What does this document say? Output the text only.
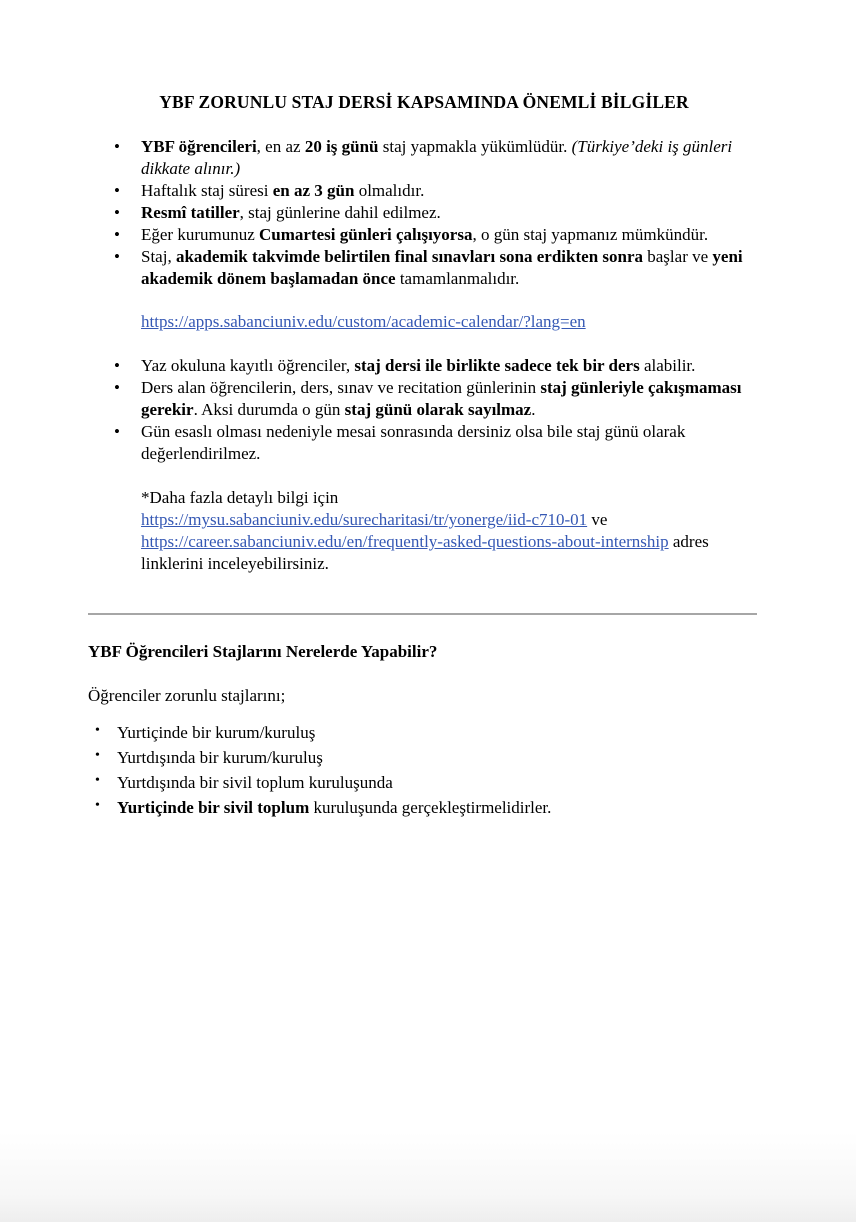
YBF ZORUNLU STAJ DERSİ KAPSAMINDA ÖNEMLİ BİLGİLER
• YBF öğrencileri, en az 20 iş günü staj yapmakla yükümlüdür. (Türkiye’deki iş günleri dikkate alınır.)
• Haftalık staj süresi en az 3 gün olmalıdır.
• Resmî tatiller, staj günlerine dahil edilmez.
• Eğer kurumunuz Cumartesi günleri çalışıyorsa, o gün staj yapmanız mümkündür.
• Staj, akademik takvimde belirtilen final sınavları sona erdikten sonra başlar ve yeni akademik dönem başlamadan önce tamamlanmalıdır.

https://apps.sabanciuniv.edu/custom/academic-calendar/?lang=en

• Yaz okuluna kayıtlı öğrenciler, staj dersi ile birlikte sadece tek bir ders alabilir.
• Ders alan öğrencilerin, ders, sınav ve recitation günlerinin staj günleriyle çakışmaması gerekir. Aksi durumda o gün staj günü olarak sayılmaz.
• Gün esaslı olması nedeniyle mesai sonrasında dersiniz olsa bile staj günü olarak değerlendirilmez.

*Daha fazla detaylı bilgi için
https://mysu.sabanciuniv.edu/surecharitasi/tr/yonerge/iid-c710-01 ve
https://career.sabanciuniv.edu/en/frequently-asked-questions-about-internship adres linklerini inceleyebilirsiniz.

YBF Öğrencileri Stajlarını Nerelerde Yapabilir?

Öğrenciler zorunlu stajlarını;

• Yurtiçinde bir kurum/kuruluş
• Yurtdışında bir kurum/kuruluş
• Yurtdışında bir sivil toplum kuruluşunda
• Yurtiçinde bir sivil toplum kuruluşunda gerçekleştirmelidirler.
